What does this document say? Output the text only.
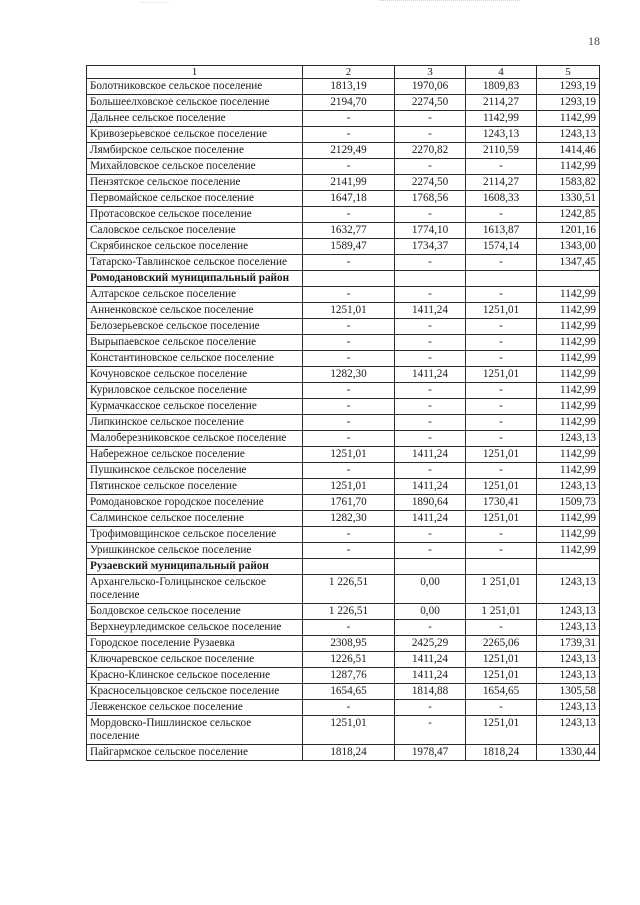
18
1	2	3	4	5
Болотниковское сельское поселение	1813,19	1970,06	1809,83	1293,19
Большеелховское сельское поселение	2194,70	2274,50	2114,27	1293,19
Дальнее сельское поселение	-	-	1142,99	1142,99
Кривозерьевское сельское поселение	-	-	1243,13	1243,13
Лямбирское сельское поселение	2129,49	2270,82	2110,59	1414,46
Михайловское сельское поселение	-	-	-	1142,99
Пензятское сельское поселение	2141,99	2274,50	2114,27	1583,82
Первомайское сельское поселение	1647,18	1768,56	1608,33	1330,51
Протасовское сельское поселение	-	-	-	1242,85
Саловское сельское поселение	1632,77	1774,10	1613,87	1201,16
Скрябинское сельское поселение	1589,47	1734,37	1574,14	1343,00
Татарско-Тавлинское сельское поселение	-	-	-	1347,45
Ромодановский муниципальный район				
Алтарское сельское поселение	-	-	-	1142,99
Анненковское сельское поселение	1251,01	1411,24	1251,01	1142,99
Белозерьевское сельское поселение	-	-	-	1142,99
Вырыпаевское сельское поселение	-	-	-	1142,99
Константиновское сельское поселение	-	-	-	1142,99
Кочуновское сельское поселение	1282,30	1411,24	1251,01	1142,99
Куриловское сельское поселение	-	-	-	1142,99
Курмачкасское сельское поселение	-	-	-	1142,99
Липкинское сельское поселение	-	-	-	1142,99
Малоберезниковское сельское поселение	-	-	-	1243,13
Набережное сельское поселение	1251,01	1411,24	1251,01	1142,99
Пушкинское сельское поселение	-	-	-	1142,99
Пятинское сельское поселение	1251,01	1411,24	1251,01	1243,13
Ромодановское городское поселение	1761,70	1890,64	1730,41	1509,73
Салминское сельское поселение	1282,30	1411,24	1251,01	1142,99
Трофимовщинское сельское поселение	-	-	-	1142,99
Уришкинское сельское поселение	-	-	-	1142,99
Рузаевский муниципальный район				
Архангельско-Голицынское сельское поселение	1 226,51	0,00	1 251,01	1243,13
Болдовское сельское поселение	1 226,51	0,00	1 251,01	1243,13
Верхнеурледимское сельское поселение	-	-	-	1243,13
Городское поселение Рузаевка	2308,95	2425,29	2265,06	1739,31
Ключаревское сельское поселение	1226,51	1411,24	1251,01	1243,13
Красно-Клинское сельское поселение	1287,76	1411,24	1251,01	1243,13
Красносельцовское сельское поселение	1654,65	1814,88	1654,65	1305,58
Левженское сельское поселение	-	-	-	1243,13
Мордовско-Пишлинское сельское поселение	1251,01	-	1251,01	1243,13
Пайгармское сельское поселение	1818,24	1978,47	1818,24	1330,44
